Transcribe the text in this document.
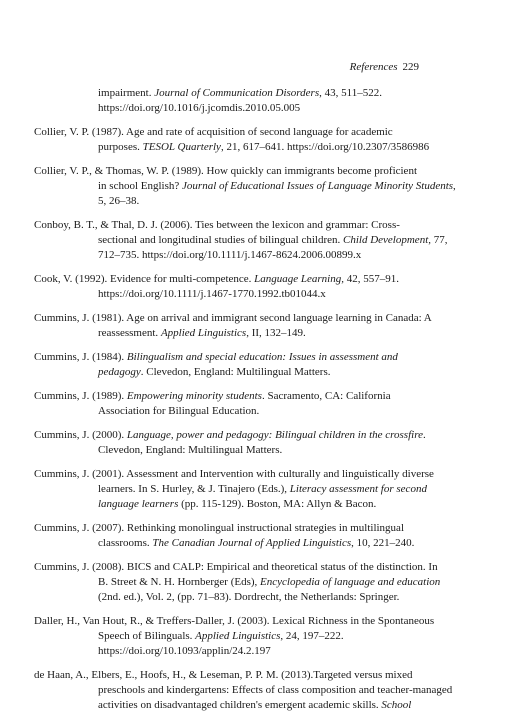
References 229
impairment. Journal of Communication Disorders, 43, 511–522.
https://doi.org/10.1016/j.jcomdis.2010.05.005
Collier, V. P. (1987). Age and rate of acquisition of second language for academic
purposes. TESOL Quarterly, 21, 617–641. https://doi.org/10.2307/3586986
Collier, V. P., & Thomas, W. P. (1989). How quickly can immigrants become proficient
in school English? Journal of Educational Issues of Language Minority Students,
5, 26–38.
Conboy, B. T., & Thal, D. J. (2006). Ties between the lexicon and grammar: Cross-
sectional and longitudinal studies of bilingual children. Child Development, 77,
712–735. https://doi.org/10.1111/j.1467-8624.2006.00899.x
Cook, V. (1992). Evidence for multi-competence. Language Learning, 42, 557–91.
https://doi.org/10.1111/j.1467-1770.1992.tb01044.x
Cummins, J. (1981). Age on arrival and immigrant second language learning in Canada: A
reassessment. Applied Linguistics, II, 132–149.
Cummins, J. (1984). Bilingualism and special education: Issues in assessment and
pedagogy. Clevedon, England: Multilingual Matters.
Cummins, J. (1989). Empowering minority students. Sacramento, CA: California
Association for Bilingual Education.
Cummins, J. (2000). Language, power and pedagogy: Bilingual children in the crossfire.
Clevedon, England: Multilingual Matters.
Cummins, J. (2001). Assessment and Intervention with culturally and linguistically diverse
learners. In S. Hurley, & J. Tinajero (Eds.), Literacy assessment for second
language learners (pp. 115-129). Boston, MA: Allyn & Bacon.
Cummins, J. (2007). Rethinking monolingual instructional strategies in multilingual
classrooms. The Canadian Journal of Applied Linguistics, 10, 221–240.
Cummins, J. (2008). BICS and CALP: Empirical and theoretical status of the distinction. In
B. Street & N. H. Hornberger (Eds), Encyclopedia of language and education
(2nd. ed.), Vol. 2, (pp. 71–83). Dordrecht, the Netherlands: Springer.
Daller, H., Van Hout, R., & Treffers-Daller, J. (2003). Lexical Richness in the Spontaneous
Speech of Bilinguals. Applied Linguistics, 24, 197–222.
https://doi.org/10.1093/applin/24.2.197
de Haan, A., Elbers, E., Hoofs, H., & Leseman, P. P. M. (2013).Targeted versus mixed
preschools and kindergartens: Effects of class composition and teacher-managed
activities on disadvantaged children's emergent academic skills. School
